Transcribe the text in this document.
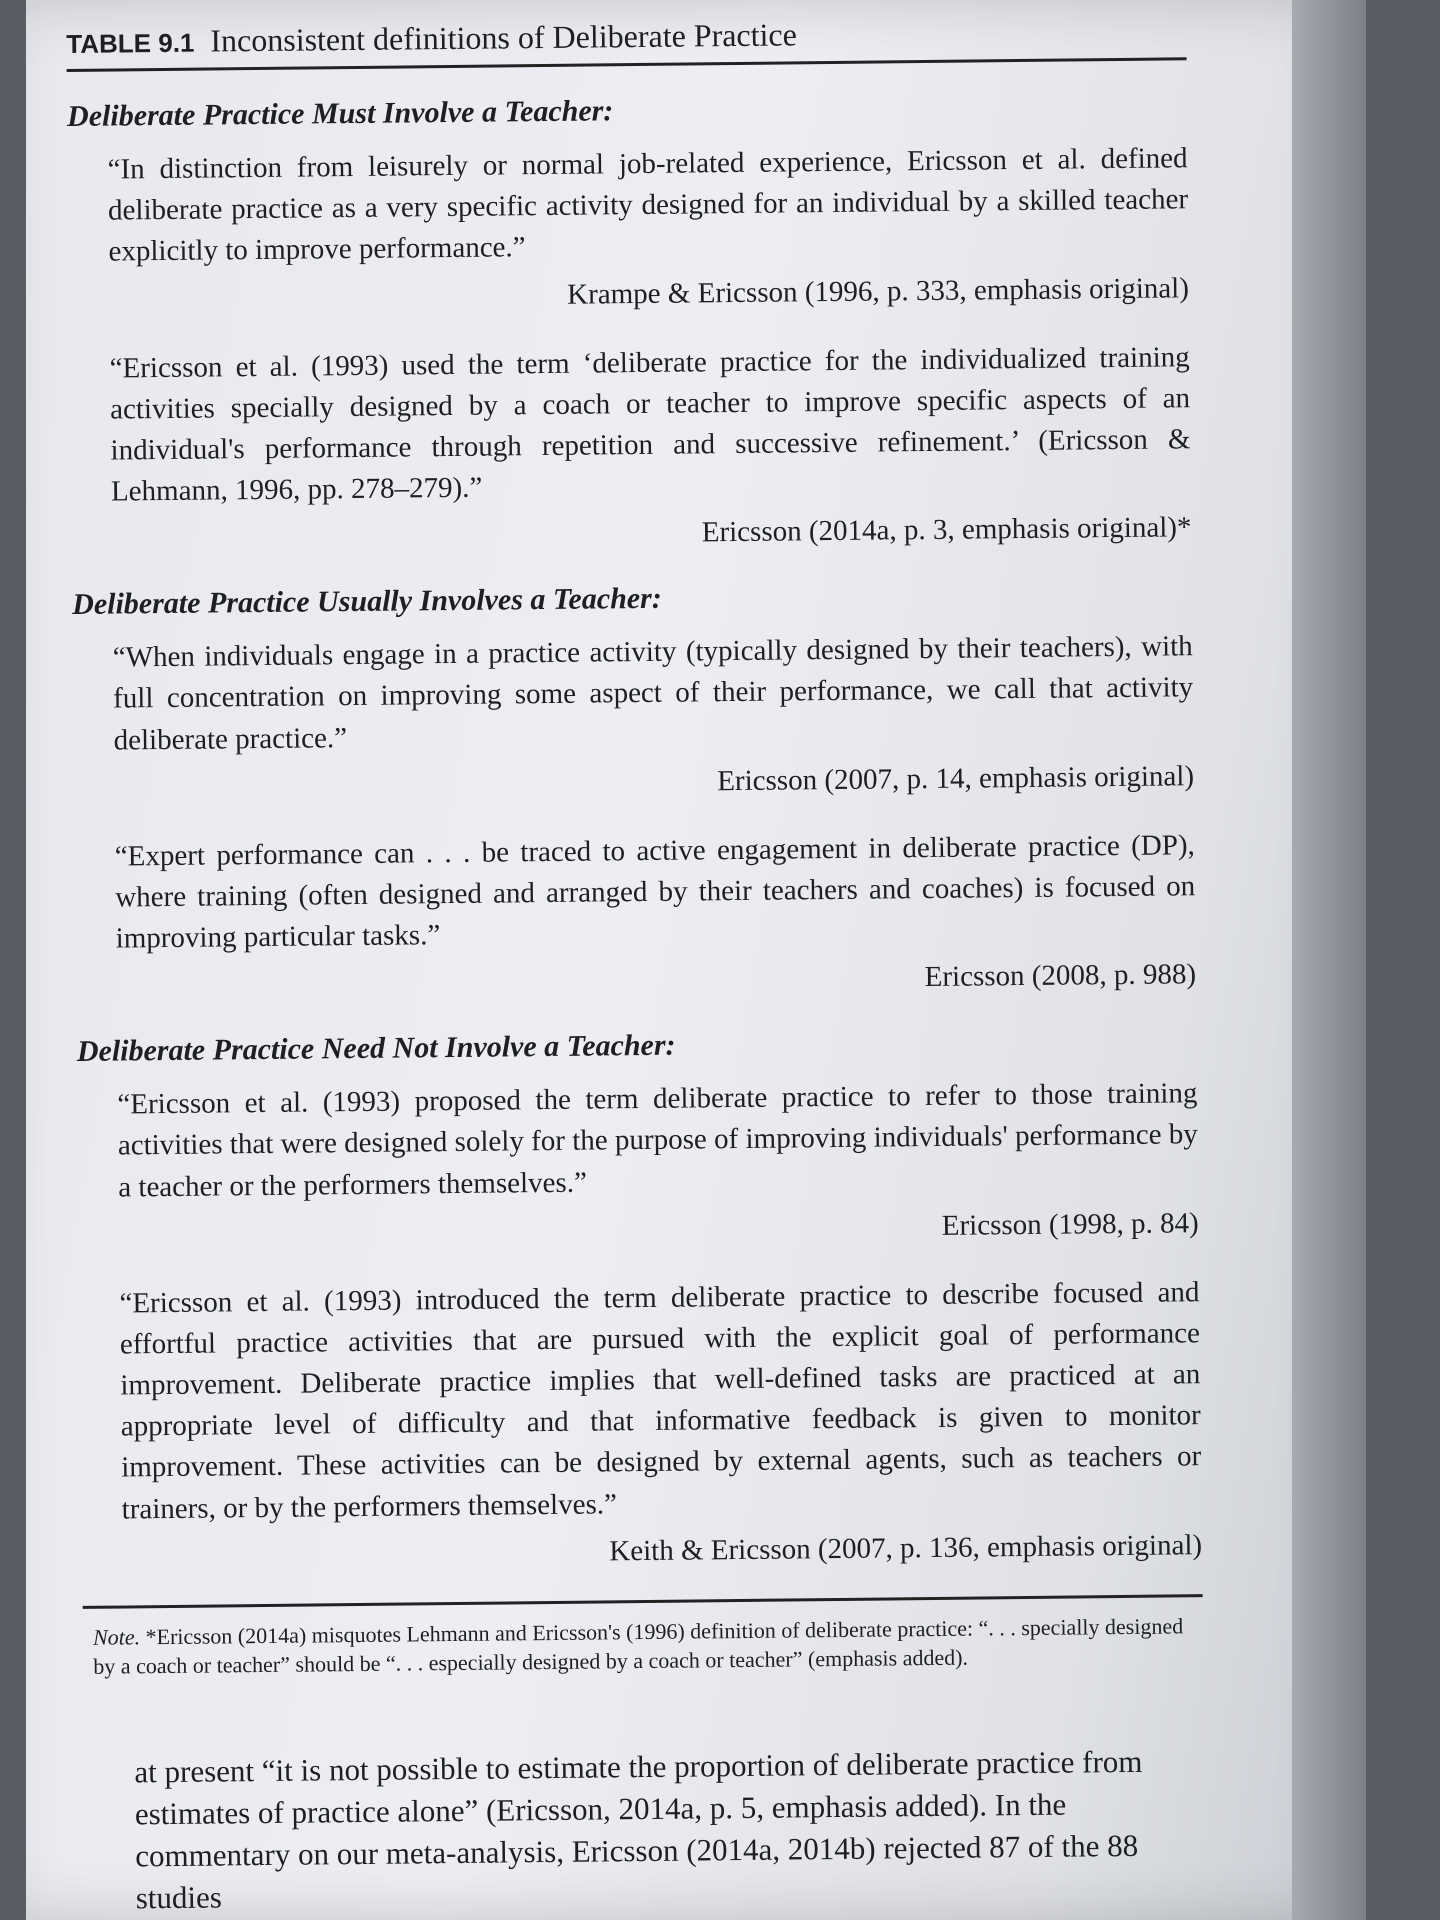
TABLE 9.1 Inconsistent definitions of Deliberate Practice
Deliberate Practice Must Involve a Teacher:
“In distinction from leisurely or normal job-related experience, Ericsson et al. defined deliberate practice as a very specific activity designed for an individual by a skilled teacher explicitly to improve performance.”
Krampe & Ericsson (1996, p. 333, emphasis original)
“Ericsson et al. (1993) used the term ‘deliberate practice for the individualized training activities specially designed by a coach or teacher to improve specific aspects of an individual's performance through repetition and successive refinement.’ (Ericsson & Lehmann, 1996, pp. 278–279).”
Ericsson (2014a, p. 3, emphasis original)*
Deliberate Practice Usually Involves a Teacher:
“When individuals engage in a practice activity (typically designed by their teachers), with full concentration on improving some aspect of their performance, we call that activity deliberate practice.”
Ericsson (2007, p. 14, emphasis original)
“Expert performance can . . . be traced to active engagement in deliberate practice (DP), where training (often designed and arranged by their teachers and coaches) is focused on improving particular tasks.”
Ericsson (2008, p. 988)
Deliberate Practice Need Not Involve a Teacher:
“Ericsson et al. (1993) proposed the term deliberate practice to refer to those training activities that were designed solely for the purpose of improving individuals' performance by a teacher or the performers themselves.”
Ericsson (1998, p. 84)
“Ericsson et al. (1993) introduced the term deliberate practice to describe focused and effortful practice activities that are pursued with the explicit goal of performance improvement. Deliberate practice implies that well-defined tasks are practiced at an appropriate level of difficulty and that informative feedback is given to monitor improvement. These activities can be designed by external agents, such as teachers or trainers, or by the performers themselves.”
Keith & Ericsson (2007, p. 136, emphasis original)
Note. *Ericsson (2014a) misquotes Lehmann and Ericsson's (1996) definition of deliberate practice: “. . . specially designed by a coach or teacher” should be “. . . especially designed by a coach or teacher” (emphasis added).
at present “it is not possible to estimate the proportion of deliberate practice from estimates of practice alone” (Ericsson, 2014a, p. 5, emphasis added). In the commentary on our meta-analysis, Ericsson (2014a, 2014b) rejected 87 of the 88 studies
